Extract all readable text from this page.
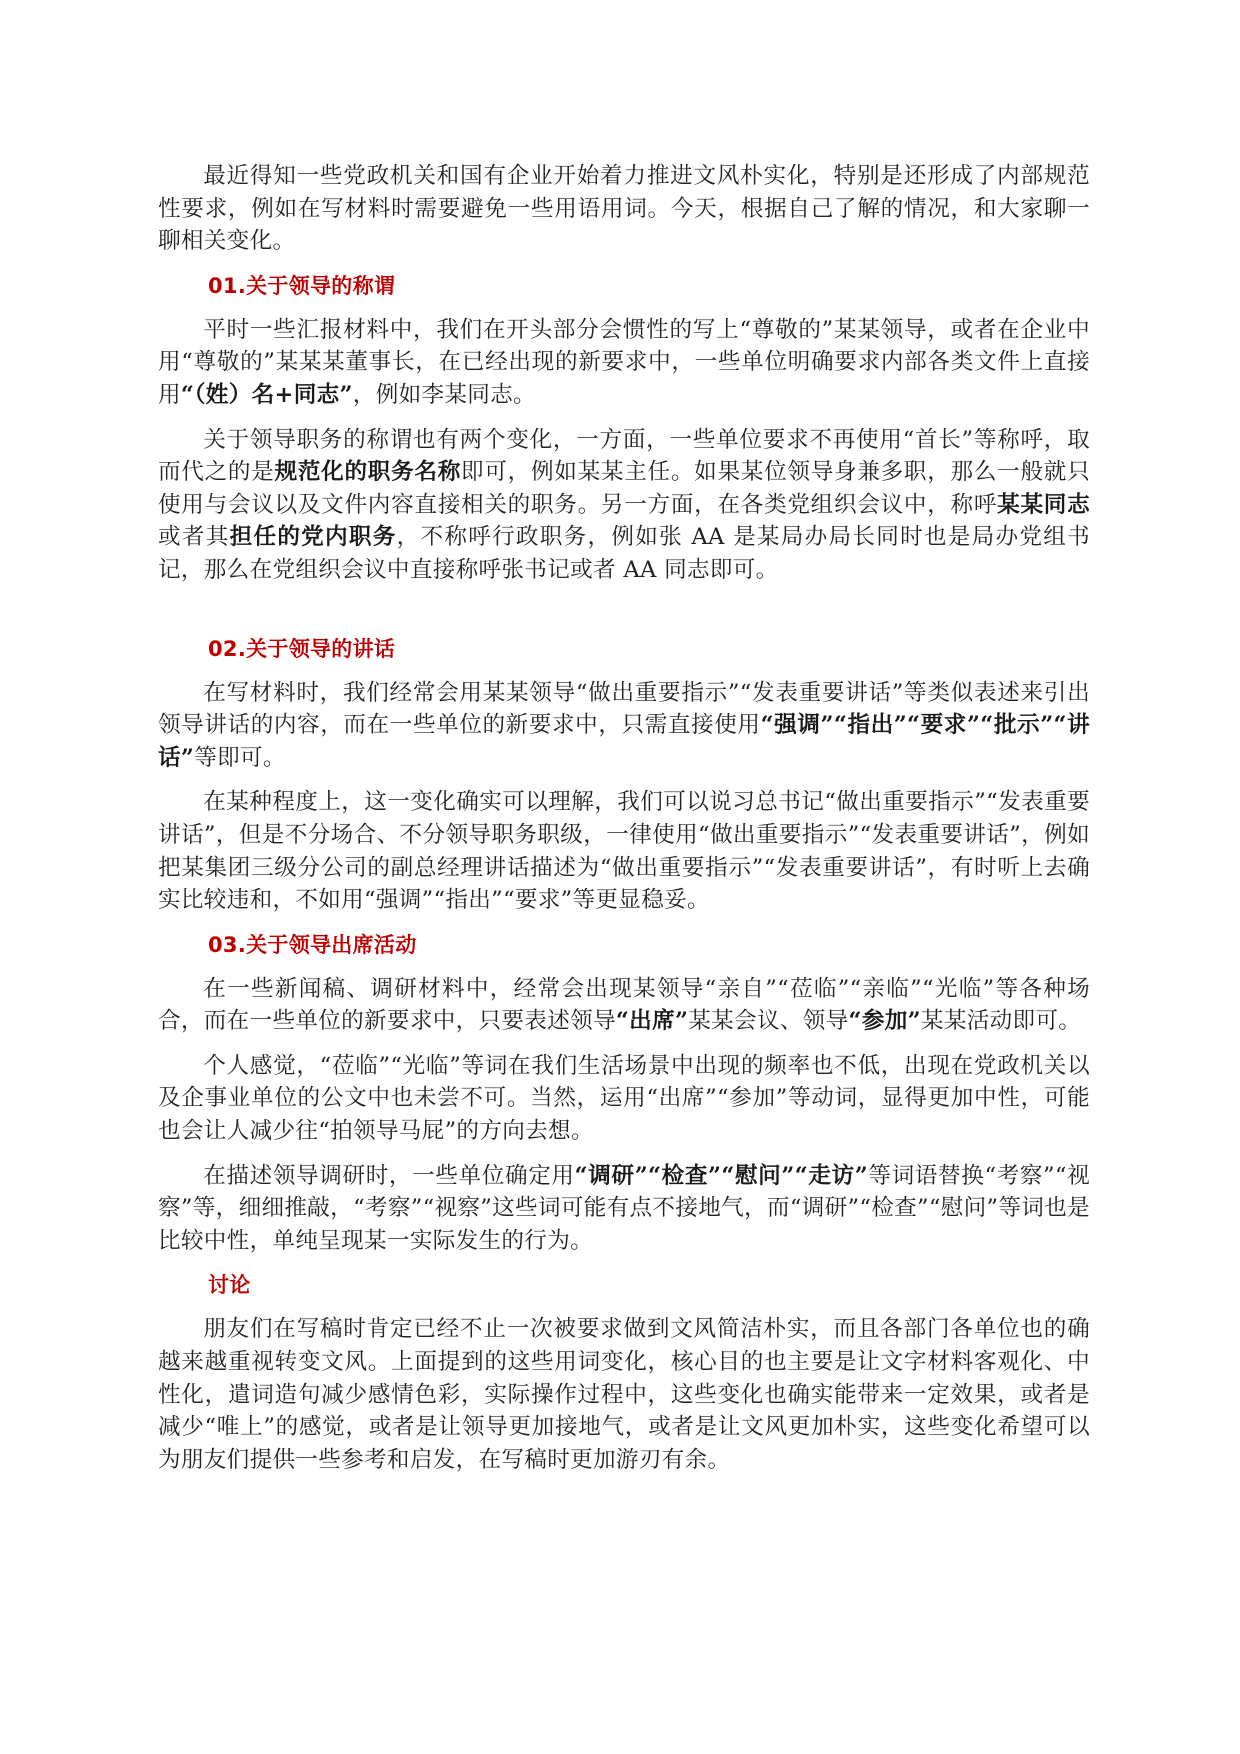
最近得知一些党政机关和国有企业开始着力推进文风朴实化，特别是还形成了内部规范性要求，例如在写材料时需要避免一些用语用词。今天，根据自己了解的情况，和大家聊一聊相关变化。

01.关于领导的称谓

平时一些汇报材料中，我们在开头部分会惯性的写上“尊敬的”某某领导，或者在企业中用“尊敬的”某某某董事长，在已经出现的新要求中，一些单位明确要求内部各类文件上直接用“（姓）名+同志”，例如李某同志。

关于领导职务的称谓也有两个变化，一方面，一些单位要求不再使用“首长”等称呼，取而代之的是规范化的职务名称即可，例如某某主任。如果某位领导身兼多职，那么一般就只使用与会议以及文件内容直接相关的职务。另一方面，在各类党组织会议中，称呼某某同志或者其担任的党内职务，不称呼行政职务，例如张 AA 是某局办局长同时也是局办党组书记，那么在党组织会议中直接称呼张书记或者 AA 同志即可。

02.关于领导的讲话

在写材料时，我们经常会用某某领导“做出重要指示”“发表重要讲话”等类似表述来引出领导讲话的内容，而在一些单位的新要求中，只需直接使用“强调”“指出”“要求”“批示”“讲话”等即可。

在某种程度上，这一变化确实可以理解，我们可以说习总书记“做出重要指示”“发表重要讲话”，但是不分场合、不分领导职务职级，一律使用“做出重要指示”“发表重要讲话”，例如把某集团三级分公司的副总经理讲话描述为“做出重要指示”“发表重要讲话”，有时听上去确实比较违和，不如用“强调”“指出”“要求”等更显稳妥。

03.关于领导出席活动

在一些新闻稿、调研材料中，经常会出现某领导“亲自”“莅临”“亲临”“光临”等各种场合，而在一些单位的新要求中，只要表述领导“出席”某某会议、领导“参加”某某活动即可。

个人感觉，“莅临”“光临”等词在我们生活场景中出现的频率也不低，出现在党政机关以及企事业单位的公文中也未尝不可。当然，运用“出席”“参加”等动词，显得更加中性，可能也会让人减少往“拍领导马屁”的方向去想。

在描述领导调研时，一些单位确定用“调研”“检查”“慰问”“走访”等词语替换“考察”“视察”等，细细推敲，“考察”“视察”这些词可能有点不接地气，而“调研”“检查”“慰问”等词也是比较中性，单纯呈现某一实际发生的行为。

讨论

朋友们在写稿时肯定已经不止一次被要求做到文风简洁朴实，而且各部门各单位也的确越来越重视转变文风。上面提到的这些用词变化，核心目的也主要是让文字材料客观化、中性化，遣词造句减少感情色彩，实际操作过程中，这些变化也确实能带来一定效果，或者是减少“唯上”的感觉，或者是让领导更加接地气，或者是让文风更加朴实，这些变化希望可以为朋友们提供一些参考和启发，在写稿时更加游刃有余。
